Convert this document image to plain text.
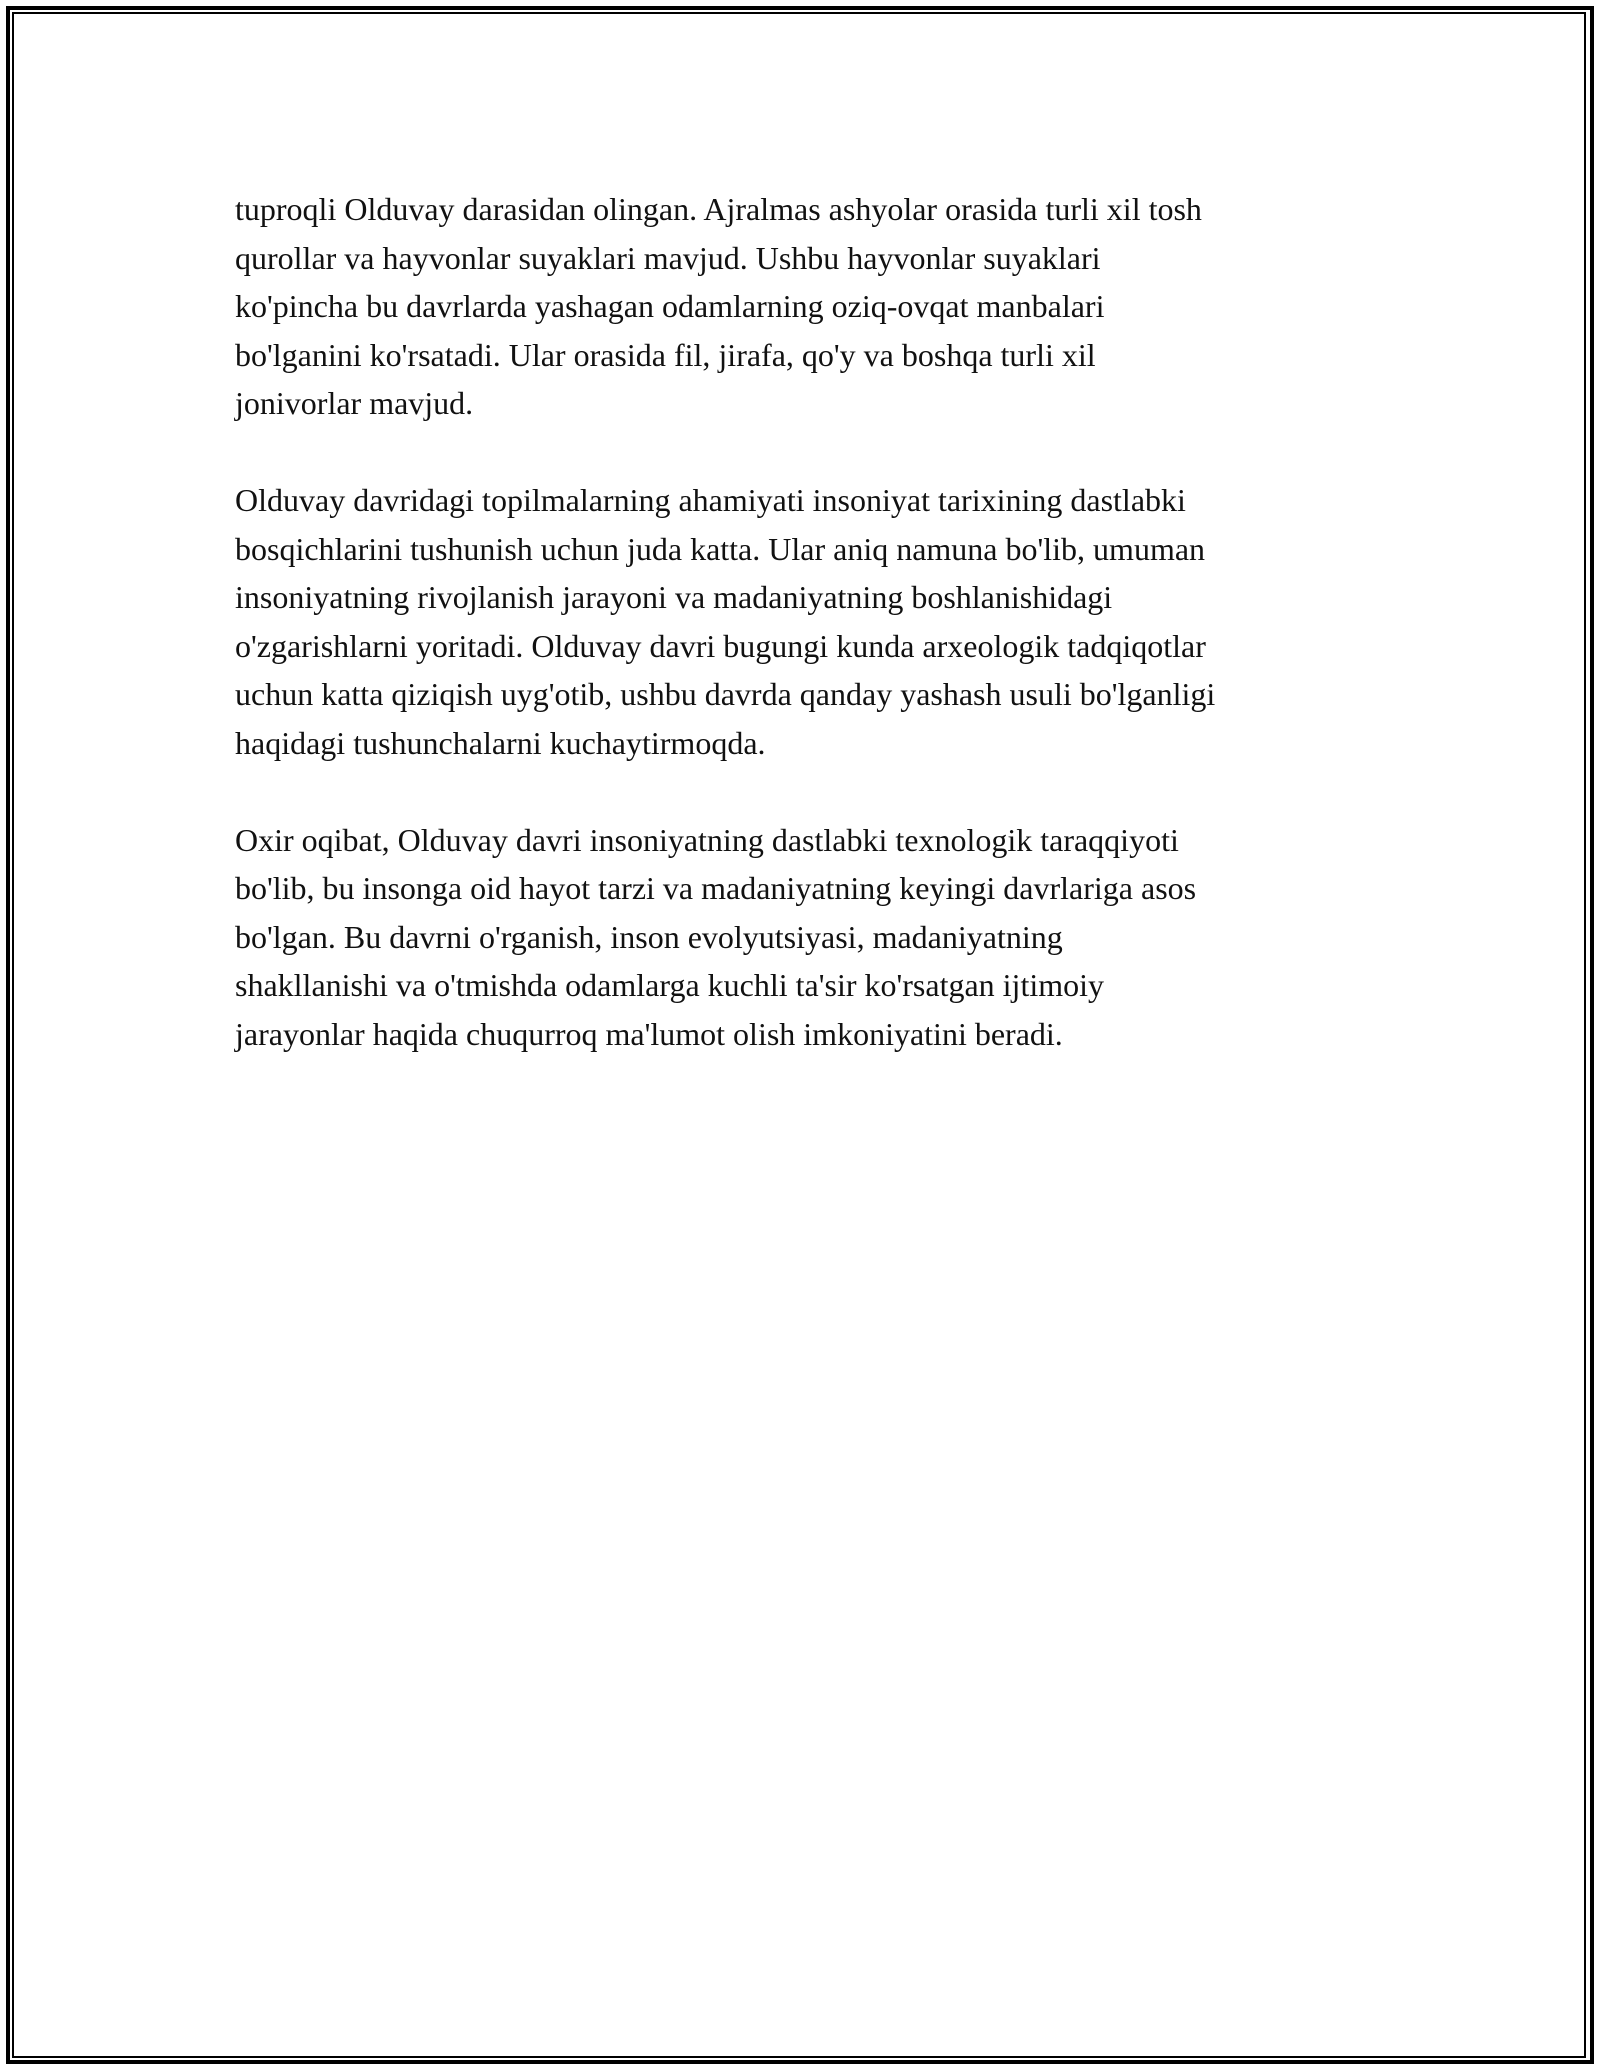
tuproqli Olduvay darasidan olingan. Ajralmas ashyolar orasida turli xil tosh
qurollar va hayvonlar suyaklari mavjud. Ushbu hayvonlar suyaklari
ko'pincha bu davrlarda yashagan odamlarning oziq-ovqat manbalari
bo'lganini ko'rsatadi. Ular orasida fil, jirafa, qo'y va boshqa turli xil
jonivorlar mavjud.

Olduvay davridagi topilmalarning ahamiyati insoniyat tarixining dastlabki
bosqichlarini tushunish uchun juda katta. Ular aniq namuna bo'lib, umuman
insoniyatning rivojlanish jarayoni va madaniyatning boshlanishidagi
o'zgarishlarni yoritadi. Olduvay davri bugungi kunda arxeologik tadqiqotlar
uchun katta qiziqish uyg'otib, ushbu davrda qanday yashash usuli bo'lganligi
haqidagi tushunchalarni kuchaytirmoqda.

Oxir oqibat, Olduvay davri insoniyatning dastlabki texnologik taraqqiyoti
bo'lib, bu insonga oid hayot tarzi va madaniyatning keyingi davrlariga asos
bo'lgan. Bu davrni o'rganish, inson evolyutsiyasi, madaniyatning
shakllanishi va o'tmishda odamlarga kuchli ta'sir ko'rsatgan ijtimoiy
jarayonlar haqida chuqurroq ma'lumot olish imkoniyatini beradi.
